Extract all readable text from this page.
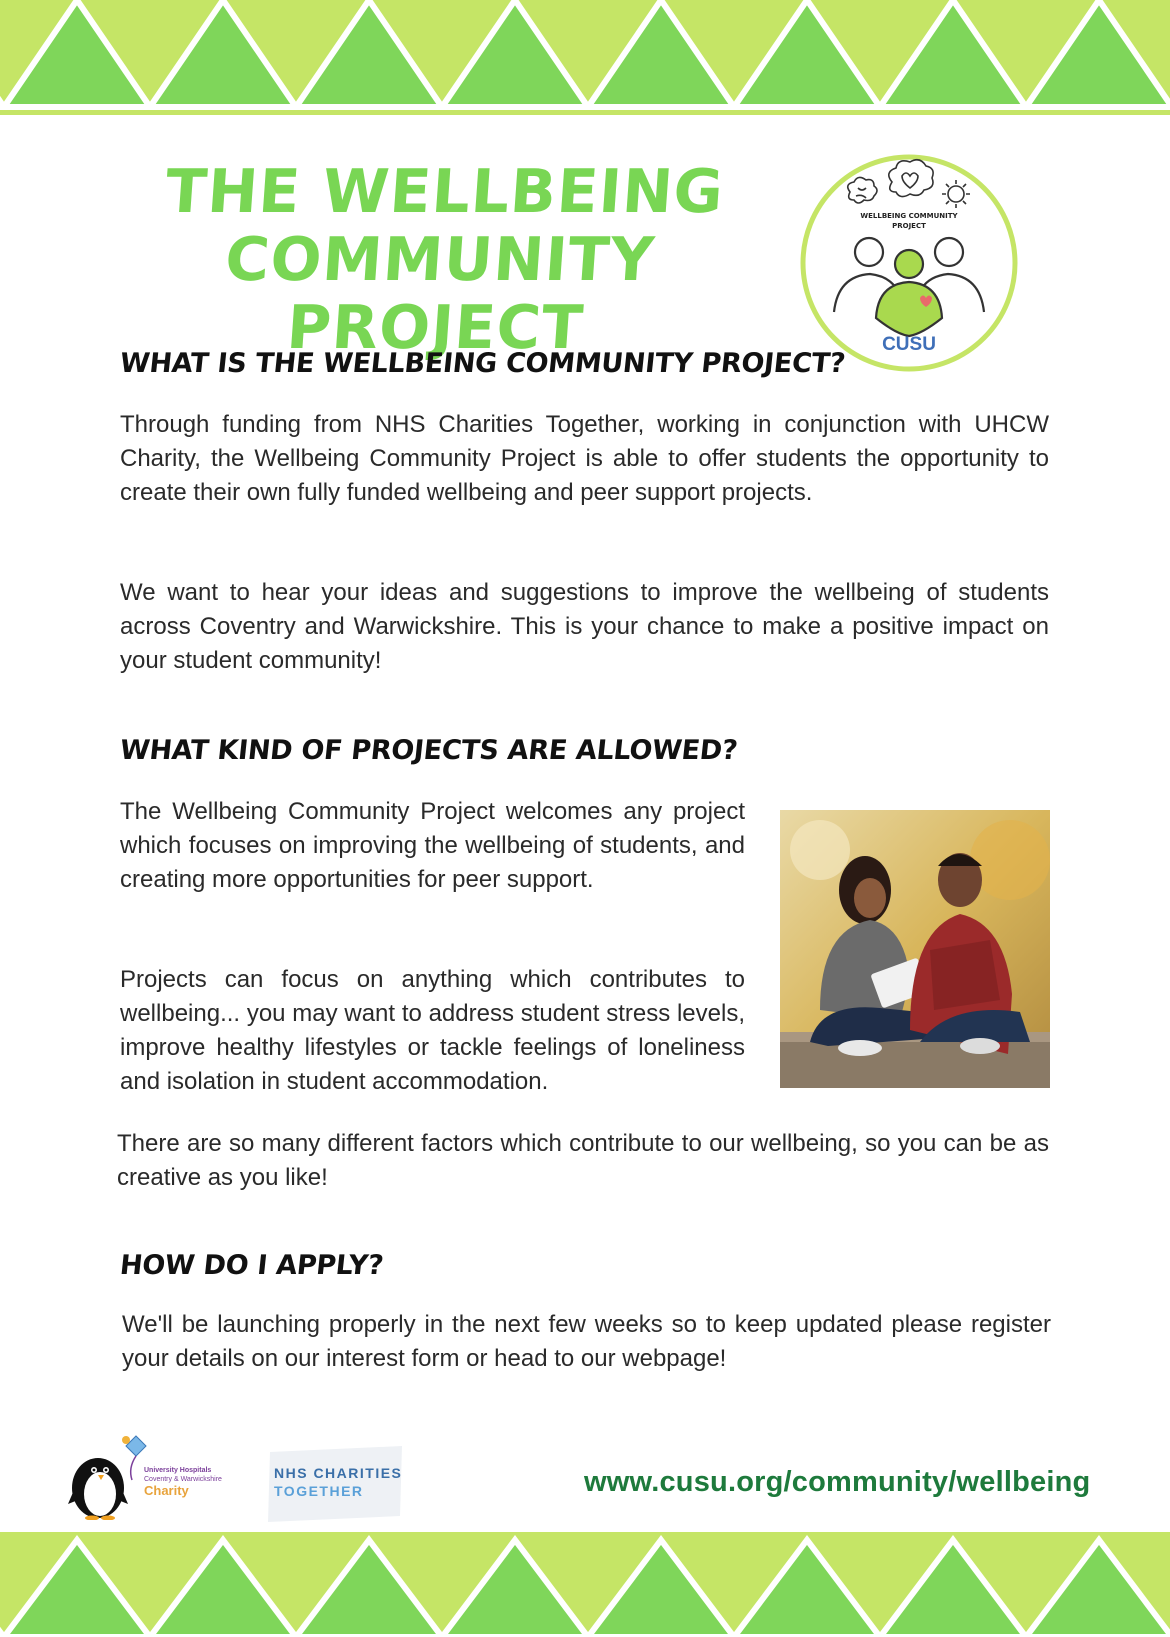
THE WELLBEING
COMMUNITY PROJECT
WELLBEING COMMUNITY
PROJECT
CUSU
WHAT IS THE WELLBEING COMMUNITY PROJECT?

Through funding from NHS Charities Together, working in conjunction with UHCW Charity, the Wellbeing Community Project is able to offer students the opportunity to create their own fully funded wellbeing and peer support projects.

We want to hear your ideas and suggestions to improve the wellbeing of students across Coventry and Warwickshire. This is your chance to make a positive impact on your student community!

WHAT KIND OF PROJECTS ARE ALLOWED?

The Wellbeing Community Project welcomes any project which focuses on improving the wellbeing of students, and creating more opportunities for peer support.

Projects can focus on anything which contributes to wellbeing... you may want to address student stress levels, improve healthy lifestyles or tackle feelings of loneliness and isolation in student accommodation.

There are so many different factors which contribute to our wellbeing, so you can be as creative as you like!

HOW DO I APPLY?

We'll be launching properly in the next few weeks so to keep updated please register your details on our interest form or head to our webpage!

University Hospitals
Coventry & Warwickshire
Charity
NHS CHARITIES
TOGETHER	www.cusu.org/community/wellbeing
